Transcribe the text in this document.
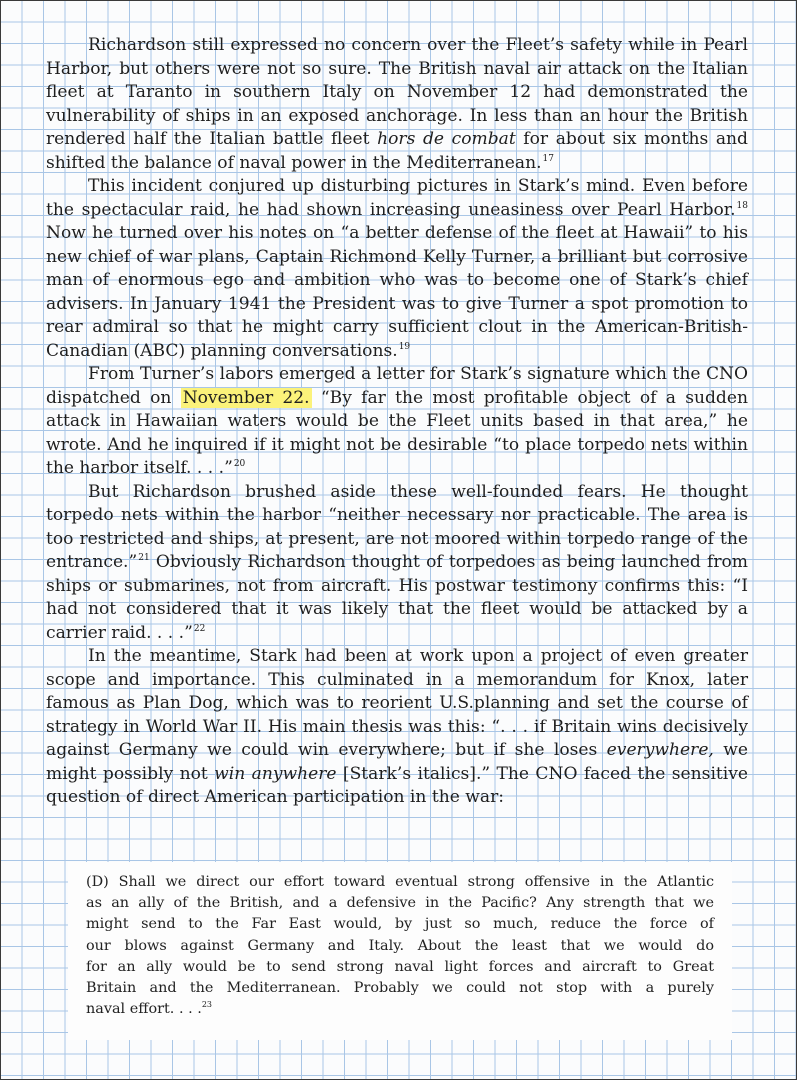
Richardson still expressed no concern over the Fleet’s safety while in Pearl Harbor, but others were not so sure. The British naval air attack on the Italian fleet at Taranto in southern Italy on November 12 had demonstrated the vulnerability of ships in an exposed anchorage. In less than an hour the British rendered half the Italian battle fleet hors de combat for about six months and shifted the balance of naval power in the Mediterranean.$^{17}$

This incident conjured up disturbing pictures in Stark’s mind. Even before the spectacular raid, he had shown increasing uneasiness over Pearl Harbor.$^{18}$ Now he turned over his notes on “a better defense of the fleet at Hawaii” to his new chief of war plans, Captain Richmond Kelly Turner, a brilliant but corrosive man of enormous ego and ambition who was to become one of Stark’s chief advisers. In January 1941 the President was to give Turner a spot promotion to rear admiral so that he might carry sufficient clout in the American-British-Canadian (ABC) planning conversations.$^{19}$

From Turner’s labors emerged a letter for Stark’s signature which the CNO dispatched on November 22. “By far the most profitable object of a sudden attack in Hawaiian waters would be the Fleet units based in that area,” he wrote. And he inquired if it might not be desirable “to place torpedo nets within the harbor itself. . . .”$^{20}$

But Richardson brushed aside these well-founded fears. He thought torpedo nets within the harbor “neither necessary nor practicable. The area is too restricted and ships, at present, are not moored within torpedo range of the entrance.”$^{21}$ Obviously Richardson thought of torpedoes as being launched from ships or submarines, not from aircraft. His postwar testimony confirms this: “I had not considered that it was likely that the fleet would be attacked by a carrier raid. . . .”$^{22}$

In the meantime, Stark had been at work upon a project of even greater scope and importance. This culminated in a memorandum for Knox, later famous as Plan Dog, which was to reorient U.S.planning and set the course of strategy in World War II. His main thesis was this: “. . . if Britain wins decisively against Germany we could win everywhere; but if she loses everywhere, we might possibly not win anywhere [Stark’s italics].” The CNO faced the sensitive question of direct American participation in the war:

(D) Shall we direct our effort toward eventual strong offensive in the Atlantic
as an ally of the British, and a defensive in the Pacific? Any strength that we
might send to the Far East would, by just so much, reduce the force of
our blows against Germany and Italy. About the least that we would do
for an ally would be to send strong naval light forces and aircraft to Great
Britain and the Mediterranean. Probably we could not stop with a purely
naval effort. . . .$^{23}$
